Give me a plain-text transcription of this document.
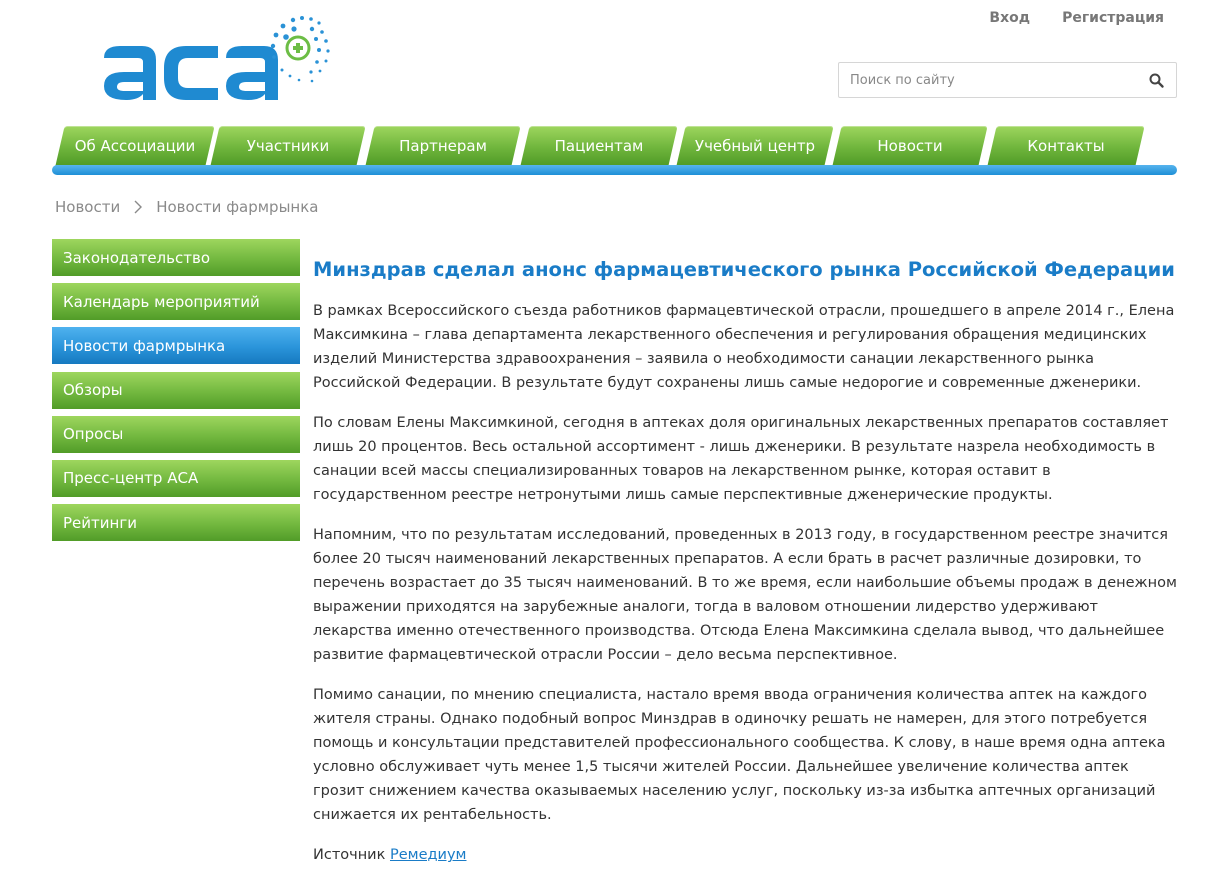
Вход Регистрация
Поиск по сайту
Об Ассоциации	Участники	Партнерам	Пациентам	Учебный центр	Новости	Контакты
Новости Новости фармрынка
Законодательство
Календарь мероприятий
Новости фармрынка
Обзоры
Опросы
Пресс-центр АСА
Рейтинги
Минздрав сделал анонс фармацевтического рынка Российской Федерации

В рамках Всероссийского съезда работников фармацевтической отрасли, прошедшего в апреле 2014 г., Елена Максимкина – глава департамента лекарственного обеспечения и регулирования обращения медицинских изделий Министерства здравоохранения – заявила о необходимости санации лекарственного рынка Российской Федерации. В результате будут сохранены лишь самые недорогие и современные дженерики.

По словам Елены Максимкиной, сегодня в аптеках доля оригинальных лекарственных препаратов составляет лишь 20 процентов. Весь остальной ассортимент - лишь дженерики. В результате назрела необходимость в санации всей массы специализированных товаров на лекарственном рынке, которая оставит в государственном реестре нетронутыми лишь самые перспективные дженерические продукты.

Напомним, что по результатам исследований, проведенных в 2013 году, в государственном реестре значится более 20 тысяч наименований лекарственных препаратов. А если брать в расчет различные дозировки, то перечень возрастает до 35 тысяч наименований. В то же время, если наибольшие объемы продаж в денежном выражении приходятся на зарубежные аналоги, тогда в валовом отношении лидерство удерживают лекарства именно отечественного производства. Отсюда Елена Максимкина сделала вывод, что дальнейшее развитие фармацевтической отрасли России – дело весьма перспективное.

Помимо санации, по мнению специалиста, настало время ввода ограничения количества аптек на каждого жителя страны. Однако подобный вопрос Минздрав в одиночку решать не намерен, для этого потребуется помощь и консультации представителей профессионального сообщества. К слову, в наше время одна аптека условно обслуживает чуть менее 1,5 тысячи жителей России. Дальнейшее увеличение количества аптек грозит снижением качества оказываемых населению услуг, поскольку из-за избытка аптечных организаций снижается их рентабельность.

Источник Ремедиум
